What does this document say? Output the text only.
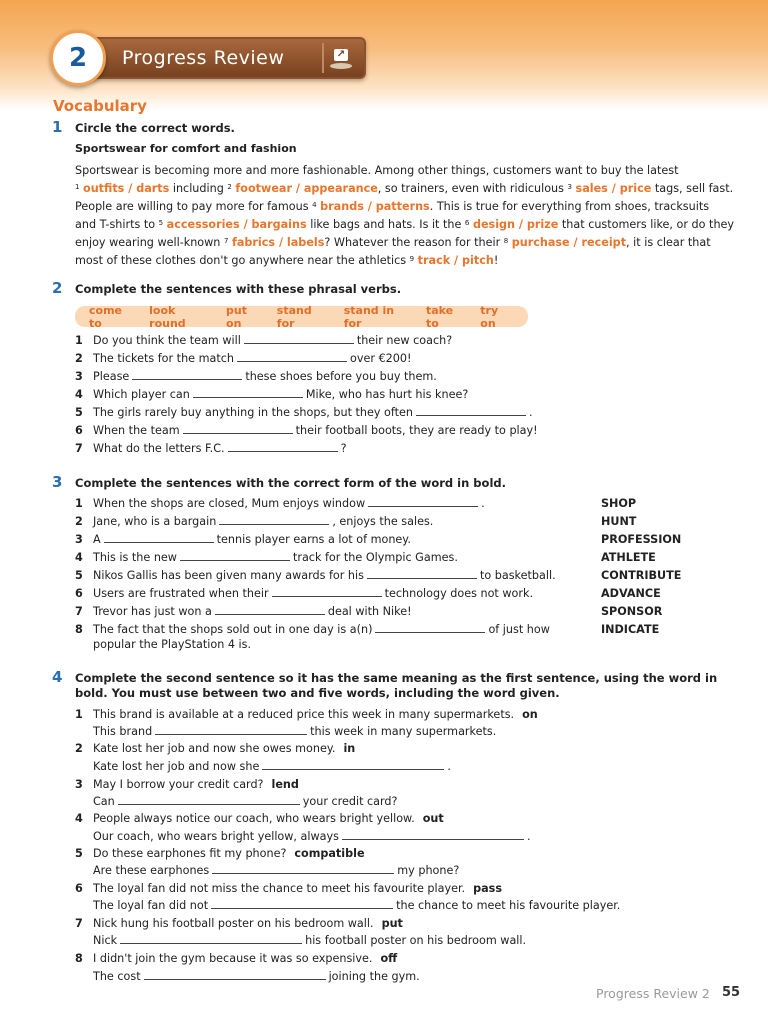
2 Progress Review	↗
Vocabulary
1 Circle the correct words.
Sportswear for comfort and fashion
Sportswear is becoming more and more fashionable. Among other things, customers want to buy the latest
$^1$ outfits / darts including $^2$ footwear / appearance, so trainers, even with ridiculous $^3$ sales / price tags, sell fast.
People are willing to pay more for famous $^4$ brands / patterns. This is true for everything from shoes, tracksuits
and T-shirts to $^5$ accessories / bargains like bags and hats. Is it the $^6$ design / prize that customers like, or do they
enjoy wearing well-known $^7$ fabrics / labels? Whatever the reason for their $^8$ purchase / receipt, it is clear that
most of these clothes don't go anywhere near the athletics $^9$ track / pitch!
2 Complete the sentences with these phrasal verbs.
come to
look round
put on
stand for
stand in for
take to
try on
1 Do you think the team will	their new coach?
2 The tickets for the match	over €200!
3 Please	these shoes before you buy them.
4 Which player can	Mike, who has hurt his knee?
5 The girls rarely buy anything in the shops, but they often	.
6 When the team	their football boots, they are ready to play!
7 What do the letters F.C.	?
3 Complete the sentences with the correct form of the word in bold.
1 When the shops are closed, Mum enjoys window	.	SHOP
2 Jane, who is a bargain	, enjoys the sales.	HUNT
3 A	tennis player earns a lot of money.	PROFESSION
4 This is the new	track for the Olympic Games.	ATHLETE
5 Nikos Gallis has been given many awards for his	to basketball.	CONTRIBUTE
6 Users are frustrated when their	technology does not work.	ADVANCE
7 Trevor has just won a	deal with Nike!	SPONSOR
8 The fact that the shops sold out in one day is a(n)	of just how
popular the PlayStation 4 is.
INDICATE
4 Complete the second sentence so it has the same meaning as the first sentence, using the word in
bold. You must use between two and five words, including the word given.
1 This brand is available at a reduced price this week in many supermarkets. on
This brand	this week in many supermarkets.
2 Kate lost her job and now she owes money. in
Kate lost her job and now she	.
3 May I borrow your credit card? lend
Can	your credit card?
4 People always notice our coach, who wears bright yellow. out
Our coach, who wears bright yellow, always	.
5 Do these earphones fit my phone? compatible
Are these earphones	my phone?
6 The loyal fan did not miss the chance to meet his favourite player. pass
The loyal fan did not	the chance to meet his favourite player.
7 Nick hung his football poster on his bedroom wall. put
Nick	his football poster on his bedroom wall.
8 I didn't join the gym because it was so expensive. off
The cost	joining the gym.
Progress Review 2 55
